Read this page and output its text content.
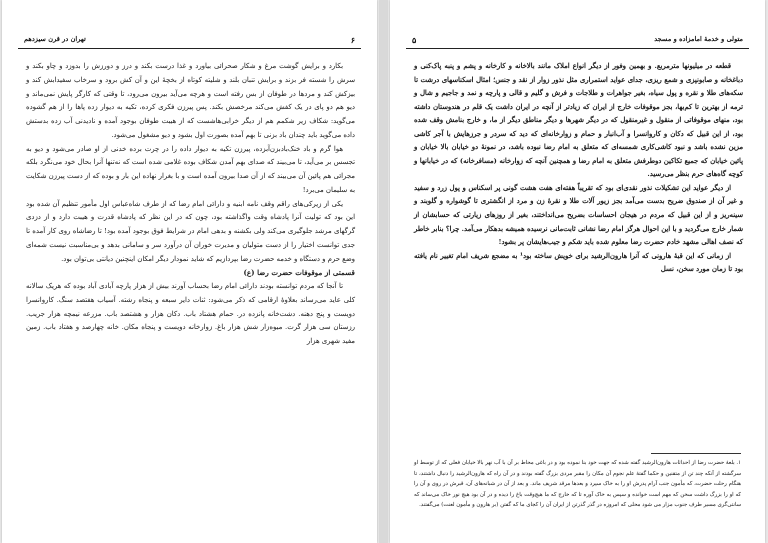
تهران در قرن سیزدهم	۶

بکارد و برایش گوشت مرغ و شکار صحرائی بیاورد و غذا درست بکند و درز و دورزش را بدوزد و چاو بکند و سرش را شسته فر بزند و برایش تنبان بلند و شلیته کوتاه از بخچهٔ این و آن کش برود و سرخاب سفیدابش کند و بیزکش کند و مردها در طوفان از بس رفته است و هرچه می‌آید بیرون می‌رود، تا وقتی که کارگر پایش نمی‌ماند و دیو هم دو پای در یک کفش می‌کند مرخصش بکند. پس پیرزن فکری کرده، تکیه به دیوار زده پاها را از هم گشوده می‌گوید: شکاف زیر شکمم هم از دیگر خرابی‌هاشست که از هیبت طوفان بوجود آمده و نادیدنی آب زده بدستش داده می‌گوید باید چندان باد بزنی تا بهم آمده بصورت اول بشود و دیو مشغول می‌شود.

هوا گرم و باد خنک‌بادبزن‌آبزده، پیرزن تکیه به دیوار داده را در چرت برده خدنی از او صادر می‌شود و دیو به تجسس بر می‌آید، تا می‌بیند که صدای بهم آمدن شکاف بوده غلامی شده است که نه‌تنها آنرا بحال خود می‌نگرد بلکه مجرائی هم پائین آن می‌بیند که از آن صدا بیرون آمده است و با بغرار نهاده این بار و بوده که از دست پیرزن شکایت به سلیمان می‌برد!

یکی از زیرکی‌های راقم وقف نامه ابنیه و دارائی امام رضا که از طرف شاه‌عباس اول مأمور تنظیم آن شده بود این بود که تولیت آنرا پادشاه وقت واگذاشته بود، چون که در این نظر که پادشاه قدرت و هیبت دارد و از دزدی گرگهای مرشد جلوگیری می‌کند ولی بکشنه و بدهی امام در شرایط فوق بوجود آمده بود! تا رضاشاه روی کار آمده تا جدی توانست اختیار را از دست متولیان و مدیرت خوران آن درآورد سر و سامانی بدهد و بی‌مناسبت نیست شمه‌ای وضع حرم و دستگاه و خدمه حضرت رضا بپردازیم که شاید نمودار دیگر امکان اینچنین دیانتی بی‌توان بود.

قسمتی از موقوفات حضرت رضا (ع)

تا آنجا که مردم توانسته بودند دارائی امام رضا بحساب آورند بیش از هزار پارچه آبادی آباد بوده که هریک سالانه کلی عاید می‌رساند بعلاوهٔ ارقامی که ذکر می‌شود: ثنات دایر سبعه و پنجاه رشته. آسیاب هفتصد سنگ. کاروانسرا دویست و پنج دهنه. دشت‌خانه پانزده در. حمام هشتاد باب. دکان هزار و هشتصد باب. مزرعه نیمچه هزار جریب. رزستان سی هزار گرت. میوه‌زار شش هزار باغ. زوارخانه دویست و پنجاه مکان. خانه چهارصد و هفتاد باب. زمین مفید شهری هزار

۵	متولی و خدمهٔ امامزاده و مسجد

قطعه در میلیونها مترمربع. و بهمین وفور از دیگر انواع املاک مانند بالاخانه و کارخانه و پشم و پنبه پاک‌کنی و دباغخانه و صابونپزی و شمع ریزی، جدای عواید استمراری مثل نذور زوار از نقد و جنس؛ امثال اسکناسهای درشت تا سکه‌های طلا و نقره و پول سیاه، بغیر جواهرات و طلاجات و فرش و گلیم و قالی و پارچه و نمد و جاجیم و شال و ترمه از بهترین تا کم‌بها، بجز موقوفات خارج از ایران که زیادتر از آنچه در ایران داشت یک قلم در هندوستان داشته بود، منهای موقوفاتی از منقول و غیرمنقول که در دیگر شهرها و دیگر مناطق دیگر از ما، و خارج بنامش وقف شده بود، از این قبیل که دکان و کاروانسرا و آب‌انبار و حمام و زوارخانه‌ای که دید که سردر و جرزهایش با آجر کاشی مزین نشده باشد و نبود کاشی‌کاری شمسه‌ای که متعلق به امام رضا نبوده باشد، در نمونهٔ دو خیابان بالا خیابان و پائین خیابان که جمیع تکاکین دوطرفش متعلق به امام رضا و همچنین آنچه که زوارخانه (مسافرخانه) که در خیابانها و کوچه گاه‌های حرم بنظر می‌رسید.

از دیگر عواید این تشکیلات نذور نقدی‌ای بود که تقریباً هفته‌ای هفت هشت گونی پر اسکناس و پول زرد و سفید و غیر آن از صندوق ضریح بدست می‌آمد بجز زیور آلات طلا و نقرهٔ زن و مرد از انگشتری تا گوشواره و گلوبند و سینه‌ریز و از این قبیل که مردم در هیجان احساسات بضریح می‌انداختند، بغیر از روزهای زیارتی که حسابشان از شمار خارج می‌گردید و با این احوال هرگز امام رضا نشانی ثابت‌مانی نرسیده همیشه بدهکار می‌آمد. چرا؟ بنابر خاطر که نصف اهالی مشهد خادم حضرت رضا معلوم شده باید شکم و جیب‌هایشان پر بشود!

از زمانی که این قبهٔ هارونی که آنرا هارون‌الرشید برای خویش ساخته بود¹ به مضجع شریف امام تغییر نام یافته بود تا زمان مورد سخن، نسل

۱. بلعهٔ حضرت رضا از احداثات هارون‌الرشید گفته شده که جهت خود بنا نموده بود و در باغی محاط بر آن با آب نهر بالا خیابان فعلی که از توسط او سرگشته از آنکه چند تن از متقنین و حکما گفتهٔ علم نجوم آن مکان را مقبر مردی بزرگ گفته بودند و در آن راه که هارون‌الرشید را دنبال داشتند، تا هنگام رحلت حضرت، که مأمون جنب آرام پدرش او را به خاک سپرد و بعدها مرقد شریف ماند. و بعد از آن در شبانه‌های آن، قبرش در روی و آن را که او را بزرگ داشت سخن که مهم است خوانده و سپس به خاک آوره تا که خارج که ما هیچ‌وقت باغ را دیده و در آن بود هیچ نور خاک می‌ساند که سانتی‌گری مسیر طرف جنوب مزار می شود محلی که امروزه در گذر گذرتن از ایران آن را کجای ما که گفتن (بر هارون و مأمون لعنت) می‌گفتند.
